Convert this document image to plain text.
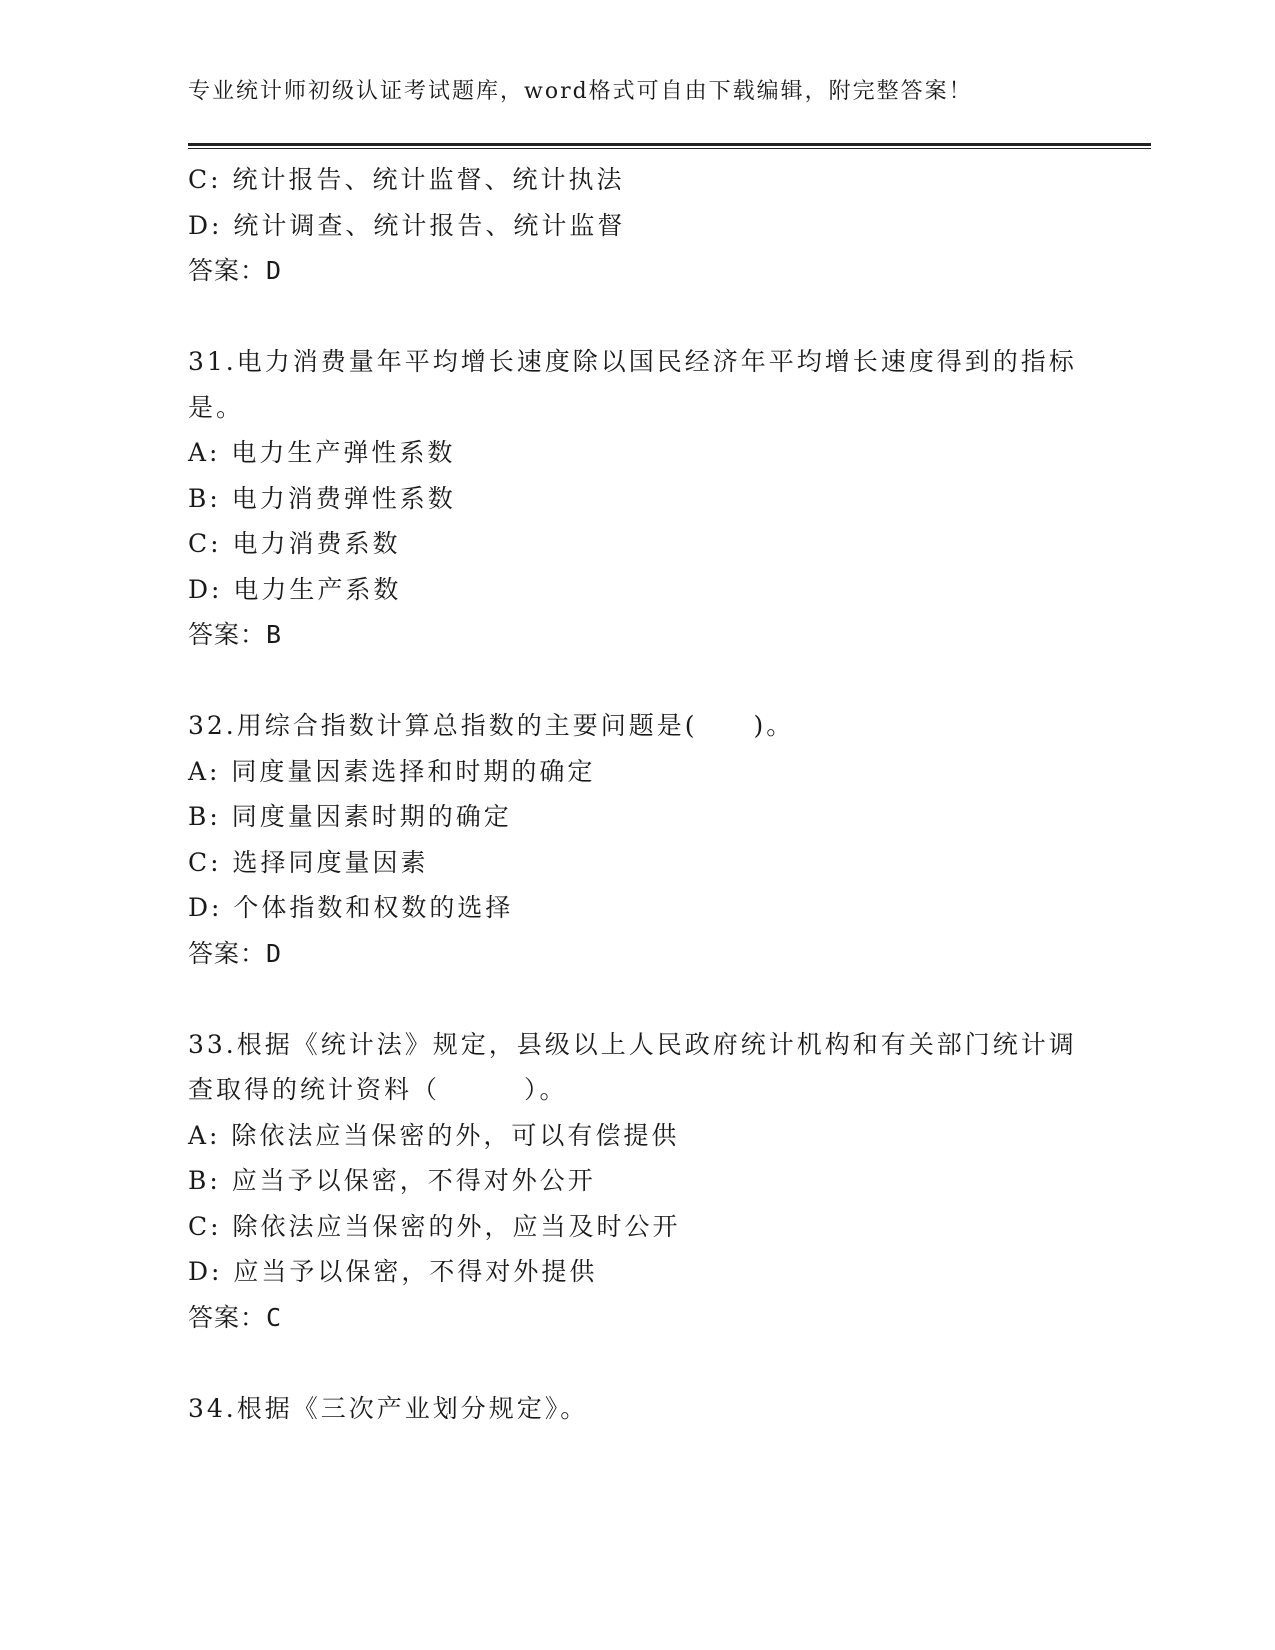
专业统计师初级认证考试题库，word格式可自由下载编辑，附完整答案！
C: 统计报告、统计监督、统计执法
D: 统计调查、统计报告、统计监督
答案：D
31.电力消费量年平均增长速度除以国民经济年平均增长速度得到的指标是。
A: 电力生产弹性系数
B: 电力消费弹性系数
C: 电力消费系数
D: 电力生产系数
答案：B
32.用综合指数计算总指数的主要问题是(　　)。
A: 同度量因素选择和时期的确定
B: 同度量因素时期的确定
C: 选择同度量因素
D: 个体指数和权数的选择
答案：D
33.根据《统计法》规定，县级以上人民政府统计机构和有关部门统计调查取得的统计资料（　　　）。
A: 除依法应当保密的外，可以有偿提供
B: 应当予以保密，不得对外公开
C: 除依法应当保密的外，应当及时公开
D: 应当予以保密，不得对外提供
答案：C
34.根据《三次产业划分规定》。
